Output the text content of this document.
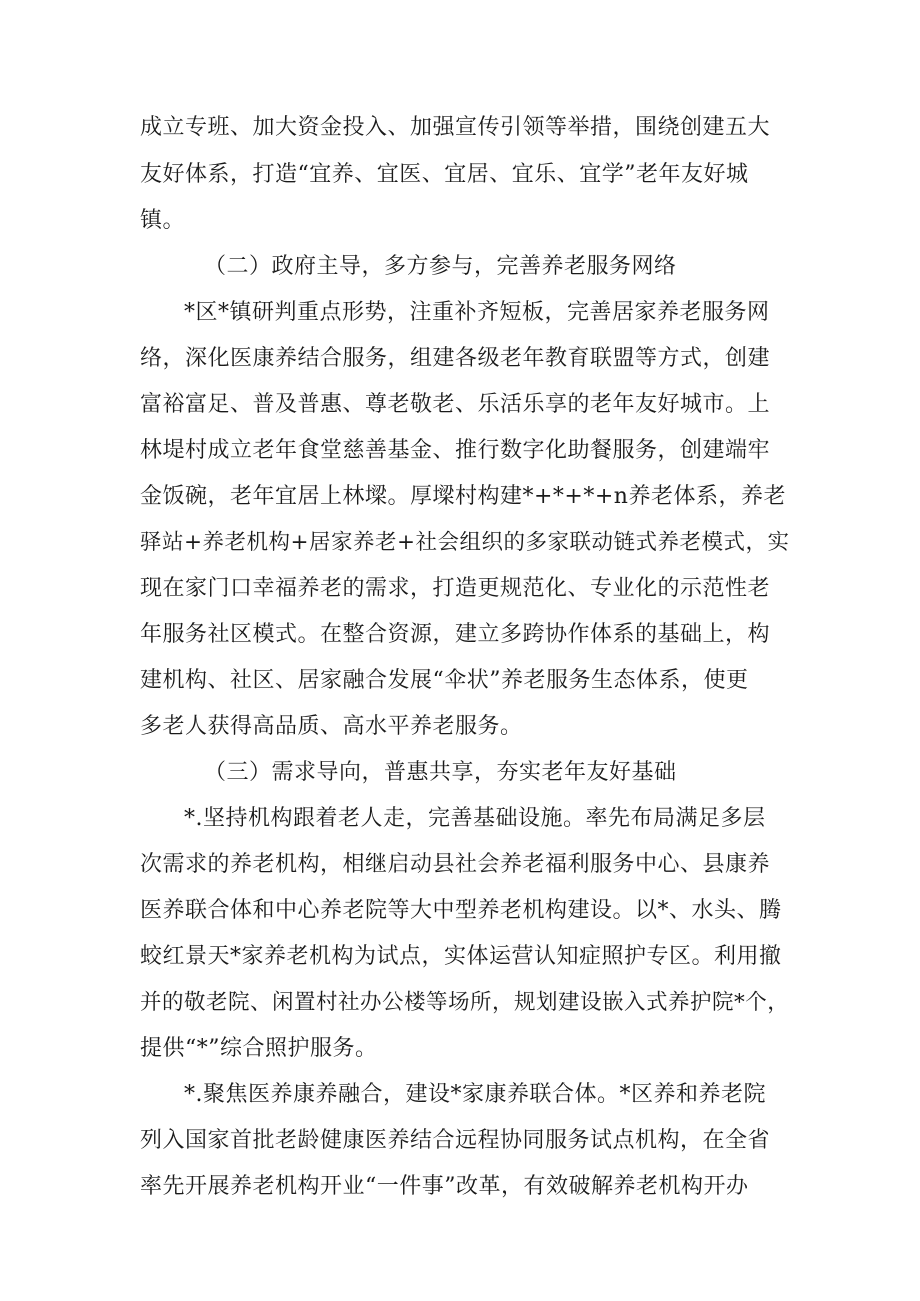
成立专班、加大资金投入、加强宣传引领等举措，围绕创建五大
友好体系，打造“宜养、宜医、宜居、宜乐、宜学”老年友好城
镇。
（二）政府主导，多方参与，完善养老服务网络
*区*镇研判重点形势，注重补齐短板，完善居家养老服务网
络，深化医康养结合服务，组建各级老年教育联盟等方式，创建
富裕富足、普及普惠、尊老敬老、乐活乐享的老年友好城市。上
林堤村成立老年食堂慈善基金、推行数字化助餐服务，创建端牢
金饭碗，老年宜居上林墚。厚墚村构建*+*+*+n养老体系，养老
驿站+养老机构+居家养老+社会组织的多家联动链式养老模式，实
现在家门口幸福养老的需求，打造更规范化、专业化的示范性老
年服务社区模式。在整合资源，建立多跨协作体系的基础上，构
建机构、社区、居家融合发展“伞状”养老服务生态体系，使更
多老人获得高品质、高水平养老服务。
（三）需求导向，普惠共享，夯实老年友好基础
*.坚持机构跟着老人走，完善基础设施。率先布局满足多层
次需求的养老机构，相继启动县社会养老福利服务中心、县康养
医养联合体和中心养老院等大中型养老机构建设。以*、水头、腾
蛟红景天*家养老机构为试点，实体运营认知症照护专区。利用撤
并的敬老院、闲置村社办公楼等场所，规划建设嵌入式养护院*个，
提供“*”综合照护服务。
*.聚焦医养康养融合，建设*家康养联合体。*区养和养老院
列入国家首批老龄健康医养结合远程协同服务试点机构，在全省
率先开展养老机构开业“一件事”改革，有效破解养老机构开办
